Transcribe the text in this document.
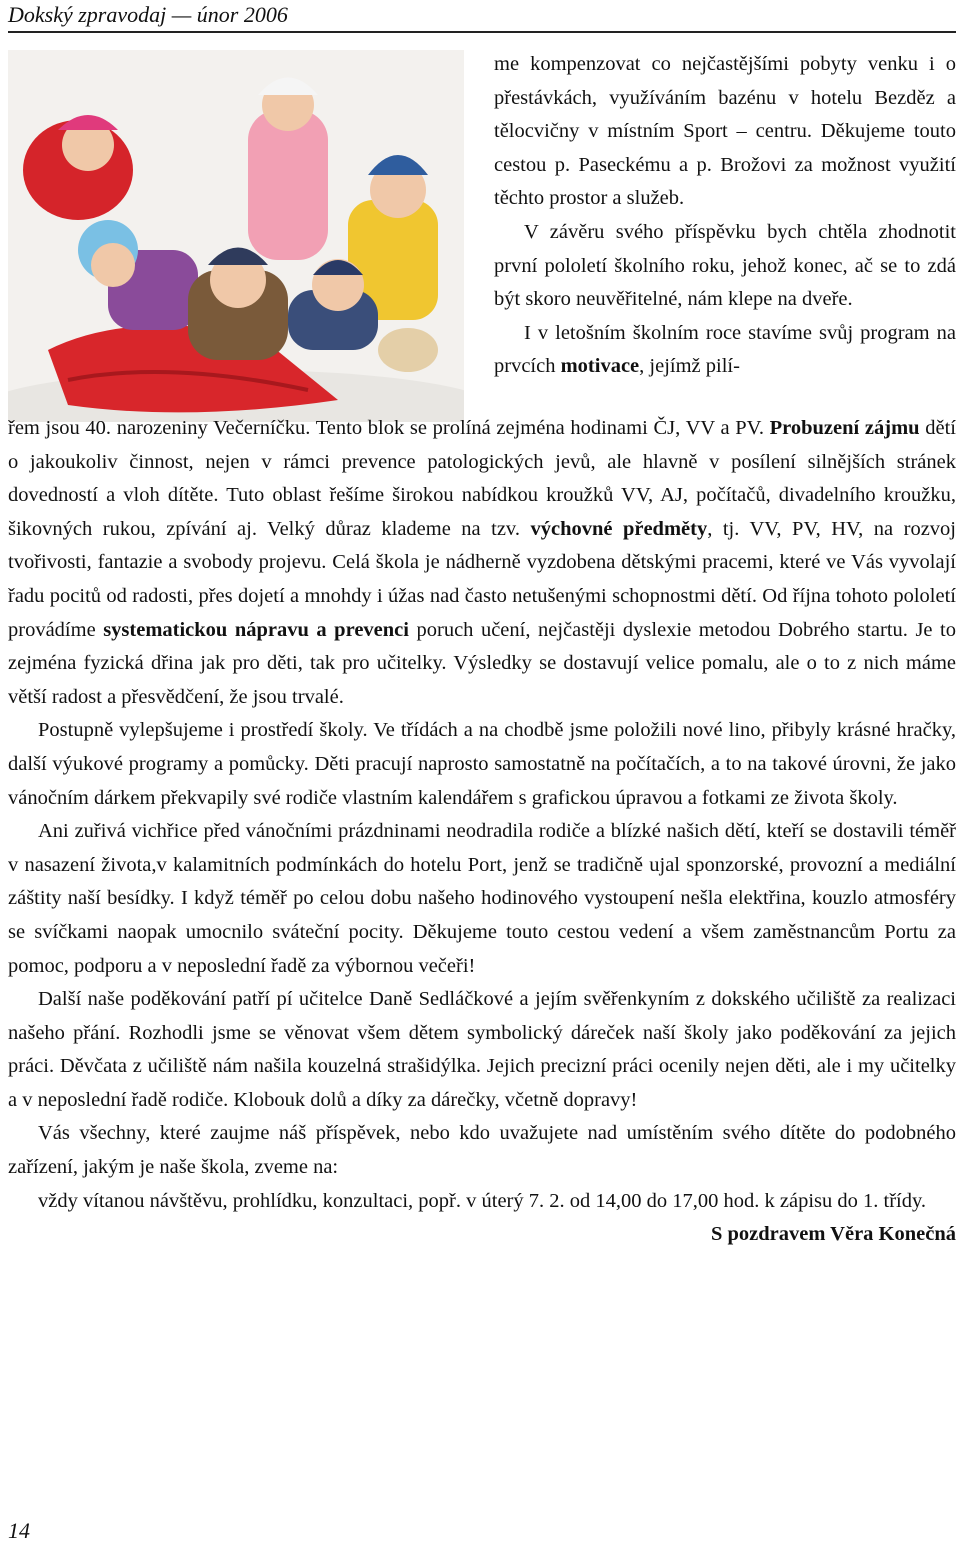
Dokský zpravodaj — únor 2006

me kompenzovat co nejčastějšími pobyty venku i o přestávkách, využíváním bazénu v hotelu Bezděz a tělocvičny v místním Sport – centru. Děkujeme touto cestou p. Paseckému a p. Brožovi za možnost využití těchto prostor a služeb.

V závěru svého příspěvku bych chtěla zhodnotit první pololetí školního roku, jehož konec, ač se to zdá být skoro neuvěřitelné, nám klepe na dveře.

I v letošním školním roce stavíme svůj program na prvcích motivace, jejímž pilí-

řem jsou 40. narozeniny Večerníčku. Tento blok se prolíná zejména hodinami ČJ, VV a PV. Probuzení zájmu dětí o jakoukoliv činnost, nejen v rámci prevence patologických jevů, ale hlavně v posílení silnějších stránek dovedností a vloh dítěte. Tuto oblast řešíme širokou nabídkou kroužků VV, AJ, počítačů, divadelního kroužku, šikovných rukou, zpívání aj. Velký důraz klademe na tzv. výchovné předměty, tj. VV, PV, HV, na rozvoj tvořivosti, fantazie a svobody projevu. Celá škola je nádherně vyzdobena dětskými pracemi, které ve Vás vyvolají řadu pocitů od radosti, přes dojetí a mnohdy i úžas nad často netušenými schopnostmi dětí. Od října tohoto pololetí provádíme systematickou nápravu a prevenci poruch učení, nejčastěji dyslexie metodou Dobrého startu. Je to zejména fyzická dřina jak pro děti, tak pro učitelky. Výsledky se dostavují velice pomalu, ale o to z nich máme větší radost a přesvědčení, že jsou trvalé.

Postupně vylepšujeme i prostředí školy. Ve třídách a na chodbě jsme položili nové lino, přibyly krásné hračky, další výukové programy a pomůcky. Děti pracují naprosto samostatně na počítačích, a to na takové úrovni, že jako vánočním dárkem překvapily své rodiče vlastním kalendářem s grafickou úpravou a fotkami ze života školy.

Ani zuřivá vichřice před vánočními prázdninami neodradila rodiče a blízké našich dětí, kteří se dostavili téměř v nasazení života,v kalamitních podmínkách do hotelu Port, jenž se tradičně ujal sponzorské, provozní a mediální záštity naší besídky. I když téměř po celou dobu našeho hodinového vystoupení nešla elektřina, kouzlo atmosféry se svíčkami naopak umocnilo sváteční pocity. Děkujeme touto cestou vedení a všem zaměstnancům Portu za pomoc, podporu a v neposlední řadě za výbornou večeři!

Další naše poděkování patří pí učitelce Daně Sedláčkové a jejím svěřenkyním z dokského učiliště za realizaci našeho přání. Rozhodli jsme se věnovat všem dětem symbolický dáreček naší školy jako poděkování za jejich práci. Děvčata z učiliště nám našila kouzelná strašidýlka. Jejich precizní práci ocenily nejen děti, ale i my učitelky a v neposlední řadě rodiče. Klobouk dolů a díky za dárečky, včetně dopravy!

Vás všechny, které zaujme náš příspěvek, nebo kdo uvažujete nad umístěním svého dítěte do podobného zařízení, jakým je naše škola, zveme na:

vždy vítanou návštěvu, prohlídku, konzultaci, popř. v úterý 7. 2. od 14,00 do 17,00 hod. k zápisu do 1. třídy.

S pozdravem Věra Konečná

14
